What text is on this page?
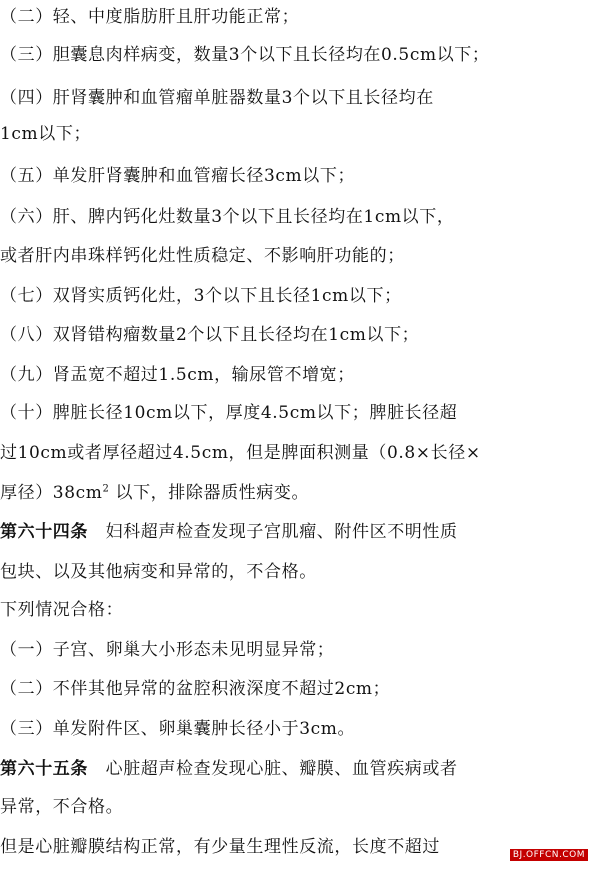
（二）轻、中度脂肪肝且肝功能正常；
（三）胆囊息肉样病变，数量3个以下且长径均在0.5cm以下；
（四）肝肾囊肿和血管瘤单脏器数量3个以下且长径均在
1cm以下；
（五）单发肝肾囊肿和血管瘤长径3cm以下；
（六）肝、脾内钙化灶数量3个以下且长径均在1cm以下，
或者肝内串珠样钙化灶性质稳定、不影响肝功能的；
（七）双肾实质钙化灶，3个以下且长径1cm以下；
（八）双肾错构瘤数量2个以下且长径均在1cm以下；
（九）肾盂宽不超过1.5cm，输尿管不增宽；
（十）脾脏长径10cm以下，厚度4.5cm以下；脾脏长径超
过10cm或者厚径超过4.5cm，但是脾面积测量（0.8×长径×
厚径）$38cm^2$ 以下，排除器质性病变。
第六十四条　 妇科超声检查发现子宫肌瘤、附件区不明性质
包块、以及其他病变和异常的，不合格。
下列情况合格：
（一）子宫、卵巢大小形态未见明显异常；
（二）不伴其他异常的盆腔积液深度不超过2cm；
（三）单发附件区、卵巢囊肿长径小于3cm。
第六十五条　 心脏超声检查发现心脏、瓣膜、血管疾病或者
异常，不合格。
但是心脏瓣膜结构正常，有少量生理性反流，长度不超过	BJ.OFFCN.COM
